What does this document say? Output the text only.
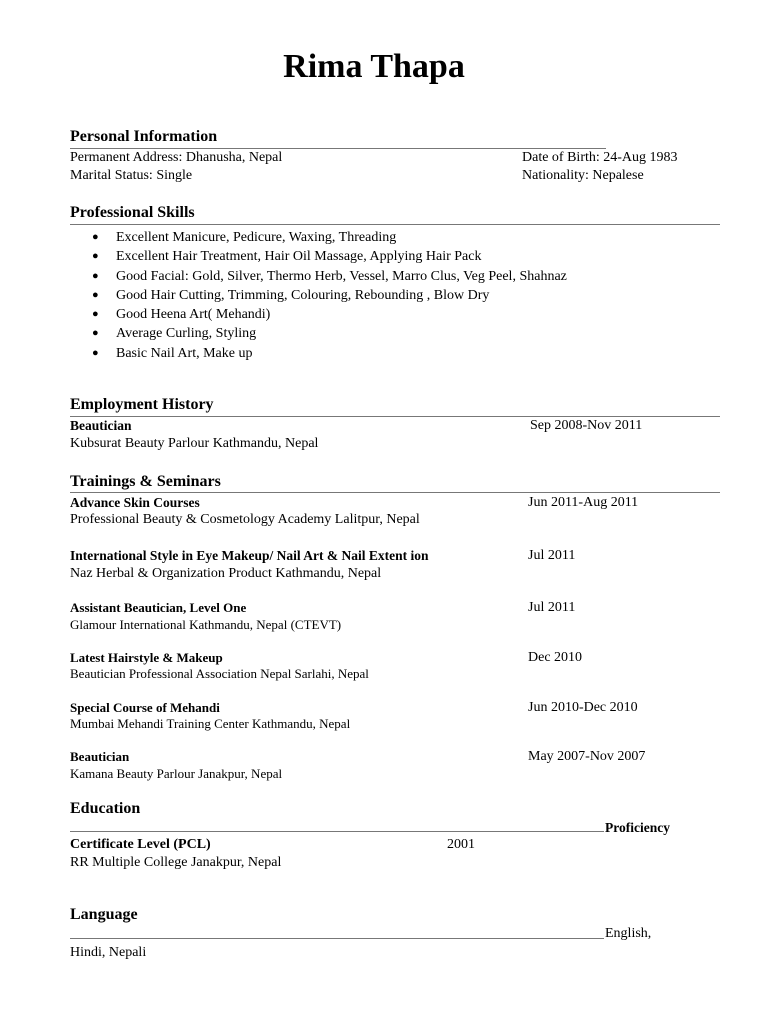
Rima Thapa
Personal Information
Permanent Address: Dhanusha, Nepal	Date of Birth: 24-Aug 1983
Marital Status: Single	Nationality: Nepalese
Professional Skills
● Excellent Manicure, Pedicure, Waxing, Threading
● Excellent Hair Treatment, Hair Oil Massage, Applying Hair Pack
● Good Facial: Gold, Silver, Thermo Herb, Vessel, Marro Clus, Veg Peel, Shahnaz
● Good Hair Cutting, Trimming, Colouring, Rebounding , Blow Dry
● Good Heena Art( Mehandi)
● Average Curling, Styling
● Basic Nail Art, Make up
Employment History
Beautician	Sep 2008-Nov 2011
Kubsurat Beauty Parlour Kathmandu, Nepal
Trainings & Seminars
Advance Skin Courses	Jun 2011-Aug 2011
Professional Beauty & Cosmetology Academy Lalitpur, Nepal
International Style in Eye Makeup/ Nail Art & Nail Extent ion	Jul 2011
Naz Herbal & Organization Product Kathmandu, Nepal
Assistant Beautician, Level One	Jul 2011
Glamour International Kathmandu, Nepal (CTEVT)
Latest Hairstyle & Makeup	Dec 2010
Beautician Professional Association Nepal Sarlahi, Nepal
Special Course of Mehandi	Jun 2010-Dec 2010
Mumbai Mehandi Training Center Kathmandu, Nepal
Beautician	May 2007-Nov 2007
Kamana Beauty Parlour Janakpur, Nepal
Education
Proficiency
Certificate Level (PCL)	2001
RR Multiple College Janakpur, Nepal
Language
English,
Hindi, Nepali
